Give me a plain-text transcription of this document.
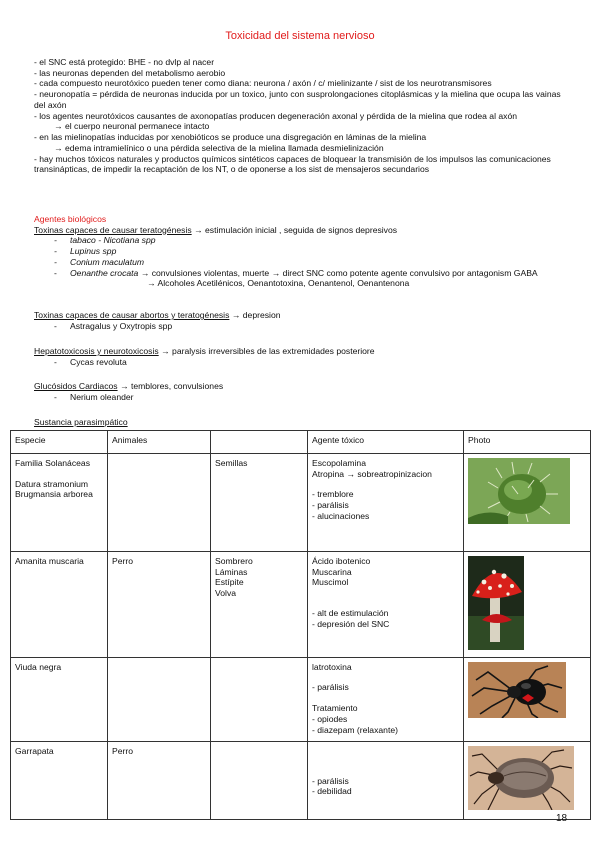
Toxicidad del sistema nervioso

- el SNC está protegido: BHE - no dvlp al nacer

- las neuronas dependen del metabolismo aerobio

- cada compuesto neurotóxico pueden tener como diana: neurona / axón / c/ mielinizante / sist de los neurotransmisores

- neuronopatía = pérdida de neuronas inducida por un toxico, junto con susprolongaciones citoplásmicas y la mielina que ocupa las vainas del axón

- los agentes neurotóxicos causantes de axonopatías producen degeneración axonal y pérdida de la mielina que rodea al axón

→ el cuerpo neuronal permanece intacto

- en las mielinopatías inducidas por xenobióticos se produce una disgregación en láminas de la mielina

→ edema intramielínico o una pérdida selectiva de la mielina llamada desmielinización

- hay muchos tóxicos naturales y productos químicos sintéticos capaces de bloquear la transmisión de los impulsos las comunicaciones transinápticas, de impedir la recaptación de los NT, o de oponerse a los sist de mensajeros secundarios

Agentes biológicos
Toxinas capaces de causar teratogénesis → estimulación inicial , seguida de signos depresivos
- tabaco - Nicotiana spp
- Lupinus spp
- Conium maculatum
- Oenanthe crocata → convulsiones violentas, muerte → direct SNC como potente agente convulsivo por antagonism GABA
→ Alcoholes Acetilénicos, Oenantotoxina, Oenantenol, Oenantenona
Toxinas capaces de causar abortos y teratogénesis → depresion
- Astragalus y Oxytropis spp
Hepatotoxicosis y neurotoxicosis → paralysis irreversibles de las extremidades posteriore
- Cycas revoluta
Glucósidos Cardiacos → temblores, convulsiones
- Nerium oleander
Sustancia parasimpático
Especie	Animales		Agente tóxico	Photo

Familia Solanáceas
Datura stramonium
Brugmansia arborea		Semillas	Escopolamina
Atropina → sobreatropinizacion
- tremblore
- parálisis
- alucinaciones

Amanita muscaria	Perro	Sombrero
Láminas
Estípite
Volva	Ácido ibotenico
Muscarina
Muscimol
- alt de estimulación
- depresión del SNC

Viuda negra			latrotoxina
- parálisis
Tratamiento
- opiodes
- diazepam (relaxante)

Garrapata	Perro		- parálisis
- debilidad

18
